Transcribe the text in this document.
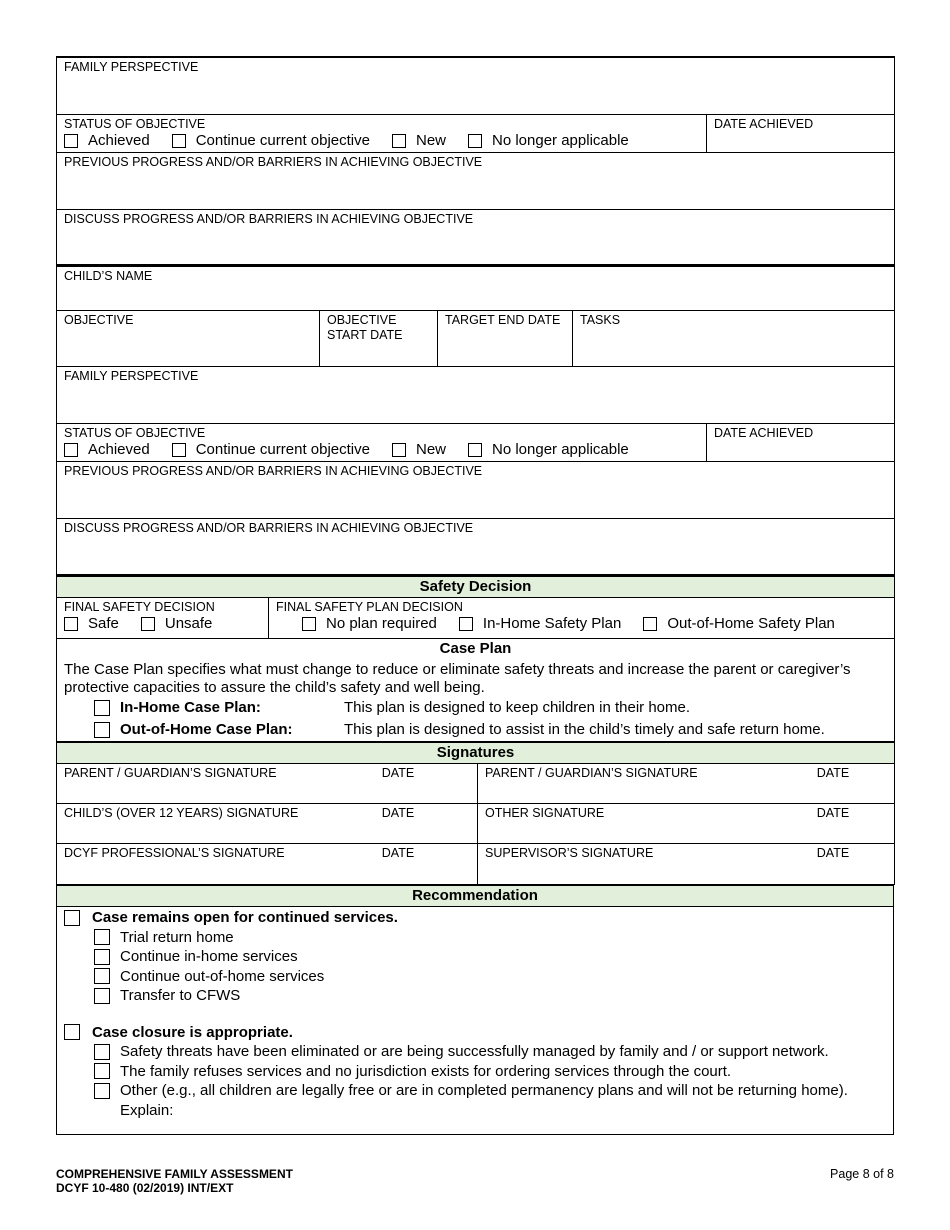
FAMILY PERSPECTIVE

STATUS OF OBJECTIVE
Achieved	Continue current objective	New	No longer applicable

DATE ACHIEVED

PREVIOUS PROGRESS AND/OR BARRIERS IN ACHIEVING OBJECTIVE

DISCUSS PROGRESS AND/OR BARRIERS IN ACHIEVING OBJECTIVE
CHILD’S NAME				

OBJECTIVE	OBJECTIVE START DATE	TARGET END DATE	TASKS	

FAMILY PERSPECTIVE				

STATUS OF OBJECTIVE
Achieved Continue current objective New No longer applicable				DATE ACHIEVED

PREVIOUS PROGRESS AND/OR BARRIERS IN ACHIEVING OBJECTIVE				

DISCUSS PROGRESS AND/OR BARRIERS IN ACHIEVING OBJECTIVE				
Safety Decision

FINAL SAFETY DECISION
Safe	Unsafe

FINAL SAFETY PLAN DECISION
No plan required	In-Home Safety Plan	Out-of-Home Safety Plan

Case Plan

The Case Plan specifies what must change to reduce or eliminate safety threats and increase the parent or caregiver’s protective capacities to assure the child’s safety and well being.
In-Home Case Plan:	This plan is designed to keep children in their home.
Out-of-Home Case Plan:	This plan is designed to assist in the child’s timely and safe return home.
Signatures	

PARENT / GUARDIAN’S SIGNATURE DATE	PARENT / GUARDIAN’S SIGNATURE DATE

CHILD’S (OVER 12 YEARS) SIGNATURE DATE	OTHER SIGNATURE DATE

DCYF PROFESSIONAL’S SIGNATURE DATE	SUPERVISOR’S SIGNATURE DATE
Recommendation

Case remains open for continued services.
Trial return home
Continue in-home services
Continue out-of-home services
Transfer to CFWS
Case closure is appropriate.
Safety threats have been eliminated or are being successfully managed by family and / or support network.
The family refuses services and no jurisdiction exists for ordering services through the court.
Other (e.g., all children are legally free or are in completed permanency plans and will not be returning home).
Explain:
COMPREHENSIVE FAMILY ASSESSMENT
DCYF 10-480 (02/2019) INT/EXT
Page 8 of 8
